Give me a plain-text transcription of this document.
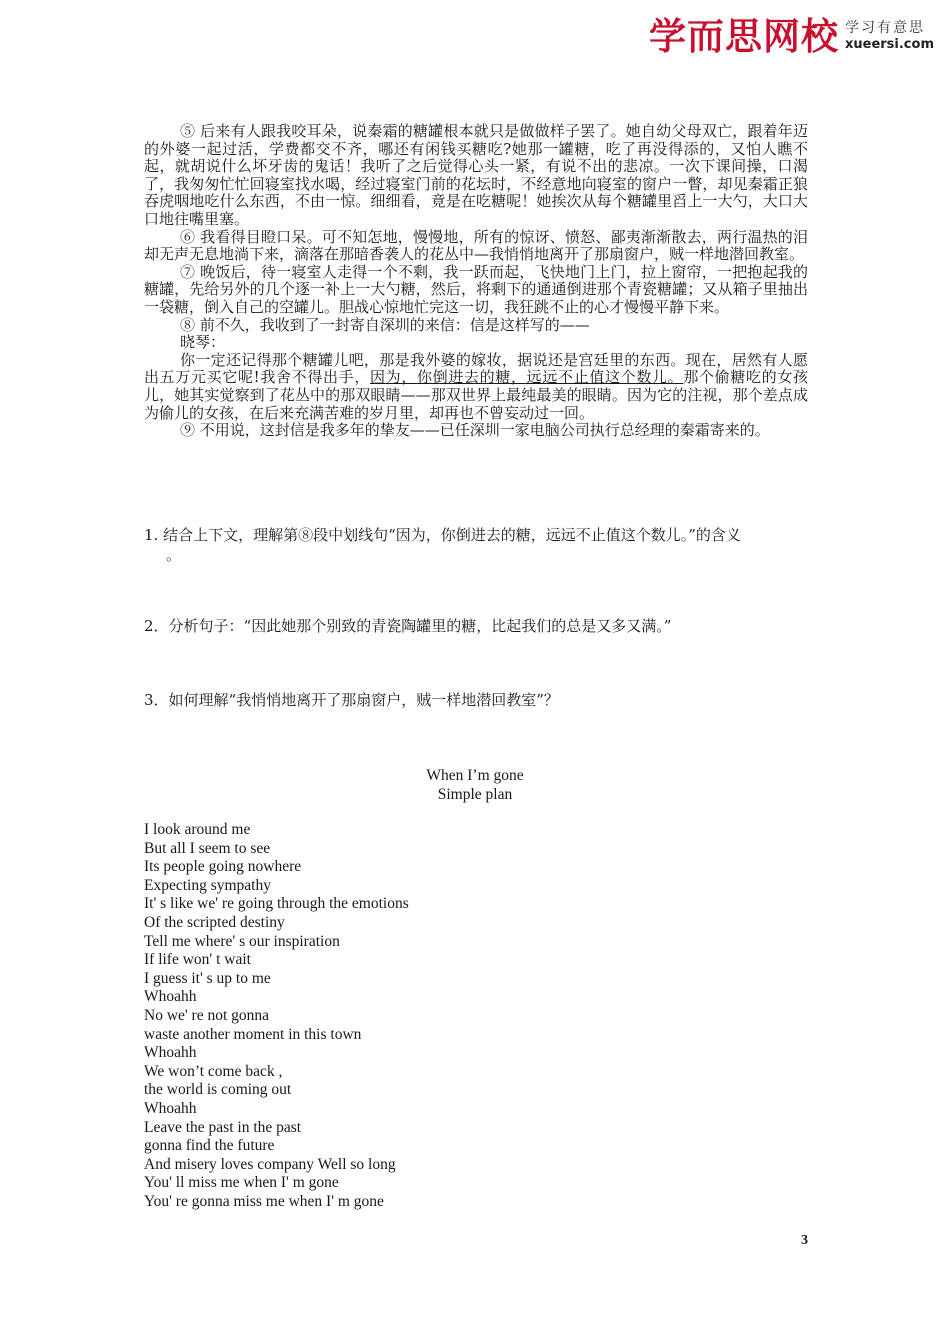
学而思网校 学习有意思
xueersi.com

⑤ 后来有人跟我咬耳朵，说秦霜的糖罐根本就只是做做样子罢了。她自幼父母双亡，跟着年迈的外婆一起过活，学费都交不齐，哪还有闲钱买糖吃?她那一罐糖，吃了再没得添的，又怕人瞧不起，就胡说什么坏牙齿的鬼话！我听了之后觉得心头一紧，有说不出的悲凉。一次下课间操，口渴了，我匆匆忙忙回寝室找水喝，经过寝室门前的花坛时，不经意地向寝室的窗户一瞥，却见秦霜正狼吞虎咽地吃什么东西，不由一惊。细细看，竟是在吃糖呢！她挨次从每个糖罐里舀上一大勺，大口大口地往嘴里塞。

⑥ 我看得目瞪口呆。可不知怎地，慢慢地，所有的惊讶、愤怒、鄙夷渐渐散去，两行温热的泪却无声无息地淌下来，滴落在那暗香袭人的花丛中—我悄悄地离开了那扇窗户，贼一样地潜回教室。

⑦ 晚饭后，待一寝室人走得一个不剩，我一跃而起，飞快地门上门，拉上窗帘，一把抱起我的糖罐，先给另外的几个逐一补上一大勺糖，然后，将剩下的通通倒进那个青瓷糖罐；又从箱子里抽出一袋糖，倒入自己的空罐儿。胆战心惊地忙完这一切，我狂跳不止的心才慢慢平静下来。

⑧ 前不久，我收到了一封寄自深圳的来信：信是这样写的——

晓琴：

你一定还记得那个糖罐儿吧，那是我外婆的嫁妆，据说还是宫廷里的东西。现在，居然有人愿出五万元买它呢!我舍不得出手，因为，你倒进去的糖，远远不止值这个数儿。那个偷糖吃的女孩儿，她其实觉察到了花丛中的那双眼睛——那双世界上最纯最美的眼睛。因为它的注视，那个差点成为偷儿的女孩，在后来充满苦难的岁月里，却再也不曾妄动过一回。

⑨ 不用说，这封信是我多年的挚友——已任深圳一家电脑公司执行总经理的秦霜寄来的。

1. 结合上下文，理解第⑧段中划线句“因为，你倒进去的糖，远远不止值这个数儿。”的含义
。
2．分析句子：“因此她那个别致的青瓷陶罐里的糖，比起我们的总是又多又满。”
3．如何理解“我悄悄地离开了那扇窗户，贼一样地潜回教室”？
When I’m gone
Simple plan
I look around me
But all I seem to see
Its people going nowhere
Expecting sympathy
It' s like we' re going through the emotions
Of the scripted destiny
Tell me where' s our inspiration
If life won' t wait
I guess it' s up to me
Whoahh
No we' re not gonna
waste another moment in this town
Whoahh
We won’t come back ,
the world is coming out
Whoahh
Leave the past in the past
gonna find the future
And misery loves company Well so long
You' ll miss me when I' m gone
You' re gonna miss me when I' m gone
3
